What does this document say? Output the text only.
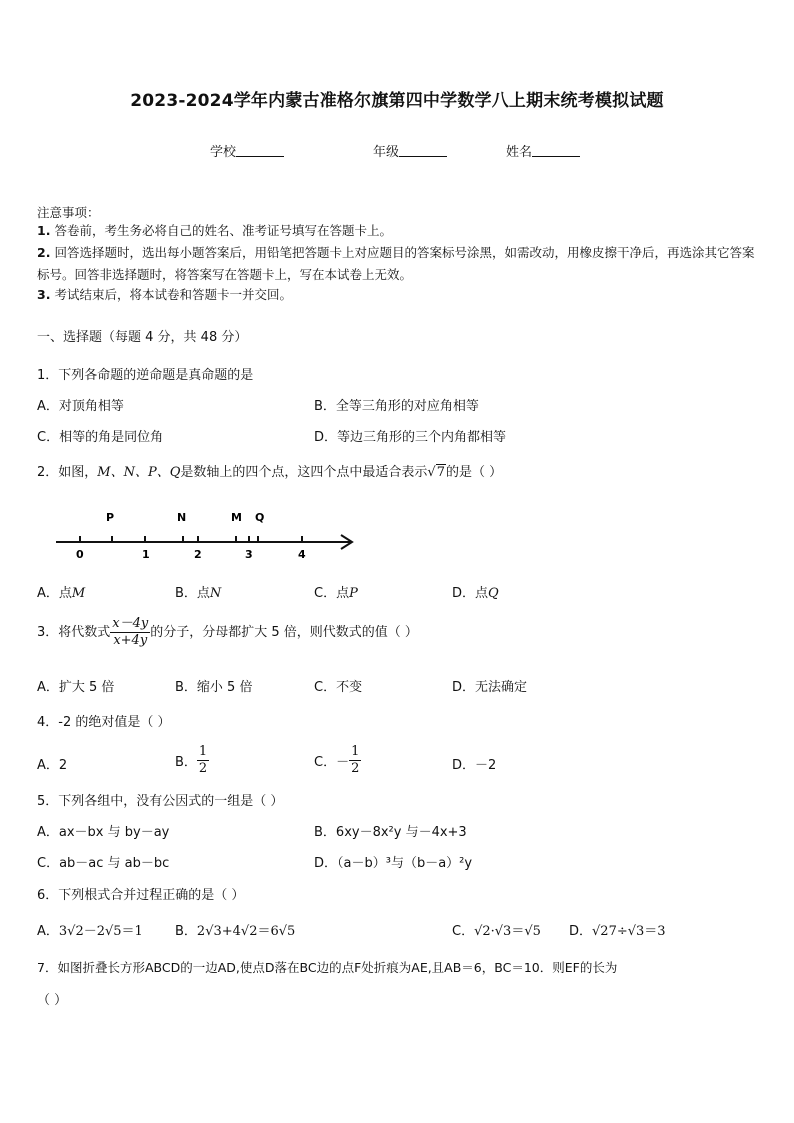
2023-2024学年内蒙古准格尔旗第四中学数学八上期末统考模拟试题
学校	年级	姓名
注意事项：
1. 答卷前，考生务必将自己的姓名、准考证号填写在答题卡上。
2. 回答选择题时，选出每小题答案后，用铅笔把答题卡上对应题目的答案标号涂黑，如需改动，用橡皮擦干净后，再选涂其它答案标号。回答非选择题时，将答案写在答题卡上，写在本试卷上无效。
3. 考试结束后，将本试卷和答题卡一并交回。
一、选择题（每题 4 分，共 48 分）
1．下列各命题的逆命题是真命题的是
A．对顶角相等	B．全等三角形的对应角相等
C．相等的角是同位角	D．等边三角形的三个内角都相等
2．如图，M、N、P、Q是数轴上的四个点，这四个点中最适合表示√7的是（ ）
P	N	M Q
0	1	2	3	4
A．点M	B．点N	C．点P	D．点Q
3．将代数式 $\frac{x-4y}{x+4y}$ 的分子，分母都扩大 5 倍，则代数式的值（ ）
A．扩大 5 倍	B．缩小 5 倍	C．不变	D．无法确定
4．-2 的绝对值是（ ）
A．2	B． $\frac{1}{2}$	C．－ $\frac{1}{2}$	D．－2
5．下列各组中，没有公因式的一组是（ ）
A．ax－bx 与 by－ay	B．6xy－8x²y 与－4x+3
C．ab－ac 与 ab－bc	D．（a－b）³与（b－a）²y
6．下列根式合并过程正确的是（ ）
A．3√2－2√5＝1 B．2√3+4√2＝6√5	C．√2·√3＝√5 D．√27÷√3＝3
7．如图折叠长方形ABCD的一边AD,使点D落在BC边的点F处折痕为AE,且AB＝6，BC＝10．则EF的长为
（ ）
